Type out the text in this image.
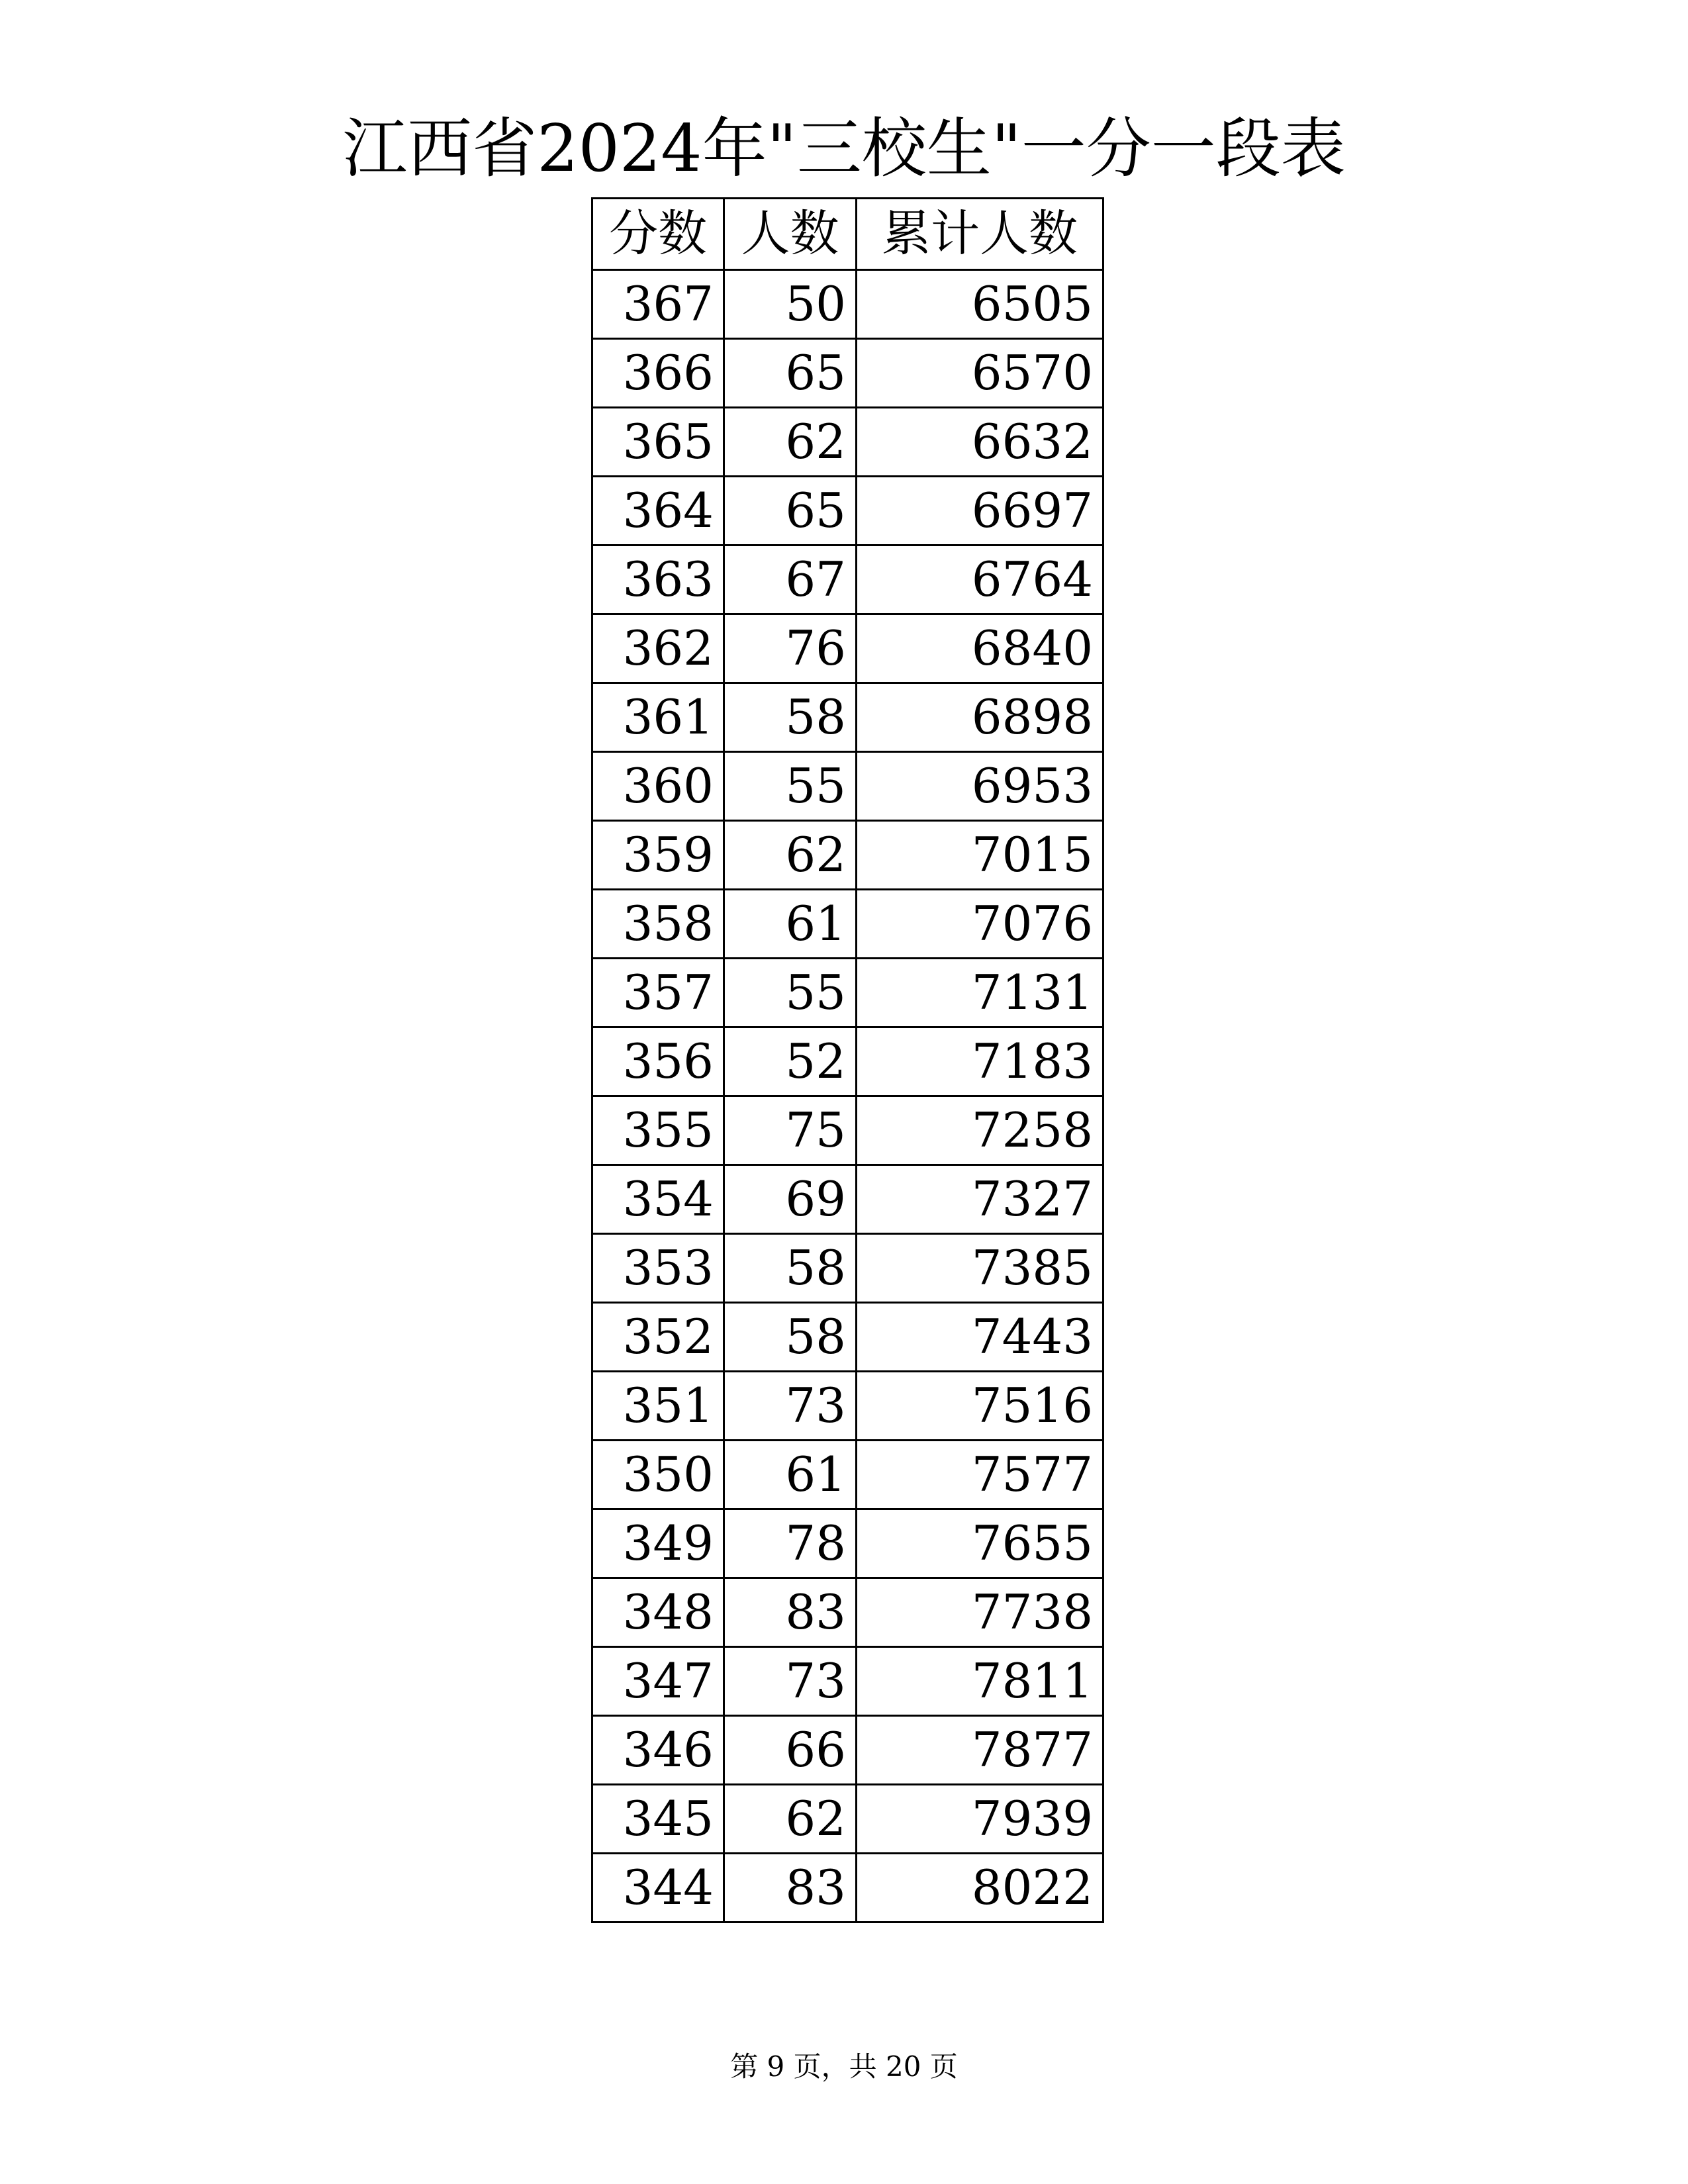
江西省2024年"三校生"一分一段表
分数	人数	累计人数
367	50	6505
366	65	6570
365	62	6632
364	65	6697
363	67	6764
362	76	6840
361	58	6898
360	55	6953
359	62	7015
358	61	7076
357	55	7131
356	52	7183
355	75	7258
354	69	7327
353	58	7385
352	58	7443
351	73	7516
350	61	7577
349	78	7655
348	83	7738
347	73	7811
346	66	7877
345	62	7939
344	83	8022
第 9 页，共 20 页
